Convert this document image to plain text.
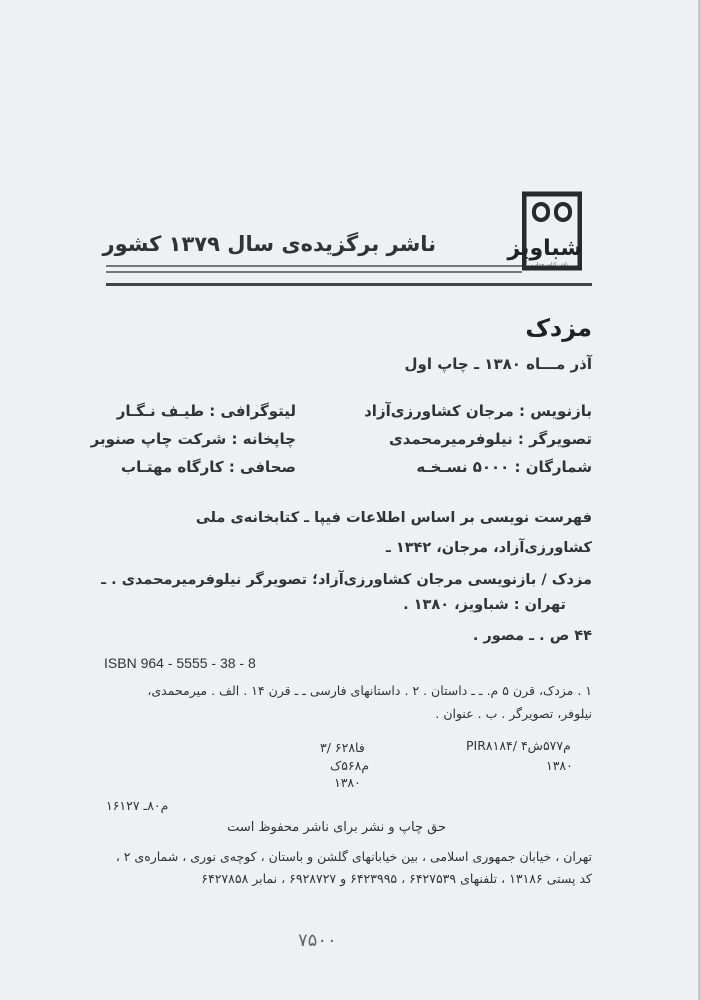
شباویز
ناشر کتابی جذاب
ناشر برگزیده‌ی سال ۱۳۷۹ کشور
مزدک
آذر مـــاه ۱۳۸۰ ـ چاپ اول
بازنویس : مرجان کشاورزی‌آزاد
تصویرگر : نیلوفرمیرمحمدی
شمارگان : ۵۰۰۰ نسـخـه
لیتوگرافی : طیـف نـگـار
چاپخانه : شرکت چاپ صنوبر
صحافی : کارگاه مهتـاب
فهرست نویسی بر اساس اطلاعات فیپا ـ کتابخانه‌ی ملی
کشاورزی‌آزاد، مرجان، ۱۳۴۲ ـ
مزدک / بازنویسی مرجان کشاورزی‌آزاد؛ تصویرگر نیلوفرمیرمحمدی . ـ
تهران : شباویز، ۱۳۸۰ .
۴۴ ص . ـ مصور .
ISBN 964 - 5555 - 38 - 8
۱ . مزدک، قرن ۵ م. ـ ـ داستان . ۲ . داستانهای فارسی ـ ـ قرن ۱۴ . الف . میرمحمدی،
نیلوفر، تصویرگر . ب . عنوان .
PIR۸۱۸۴/ ۴م۵۷۷ش
۱۳۸۰
۳/ ۶۲فا۸
م۵۶۸ک
۱۳۸۰
م۸۰ـ ۱۶۱۲۷
حق چاپ و نشر برای ناشر محفوظ است
تهران ، خیابان جمهوری اسلامی ، بین خیابانهای گلشن و باستان ، کوچه‌ی نوری ، شماره‌ی ۲ ،
کد پستی ۱۳۱۸۶ ، تلفنهای ۶۴۲۷۵۳۹ ، ۶۴۲۳۹۹۵ و ۶۹۲۸۷۲۷ ، نمابر ۶۴۲۷۸۵۸
۷۵۰۰
